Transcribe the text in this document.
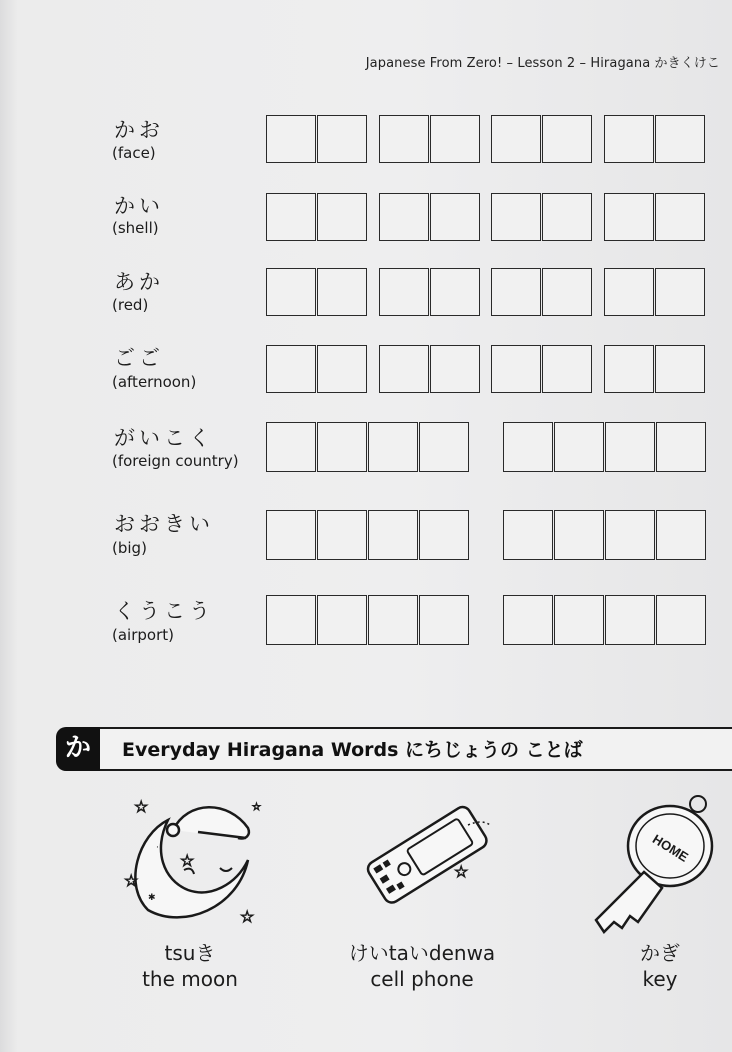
Japanese From Zero! – Lesson 2 – Hiragana かきくけこ
かお
(face)
かい
(shell)
あか
(red)
ごご
(afternoon)
がいこく
(foreign country)
おおきい
(big)
くうこう
(airport)
か	Everyday Hiragana Words にちじょうの ことば
☆
☆
☆
☆
☆
·
✱
☆
HOME
tsuき
the moon
けいtaいdenwa
cell phone
かぎ
key
